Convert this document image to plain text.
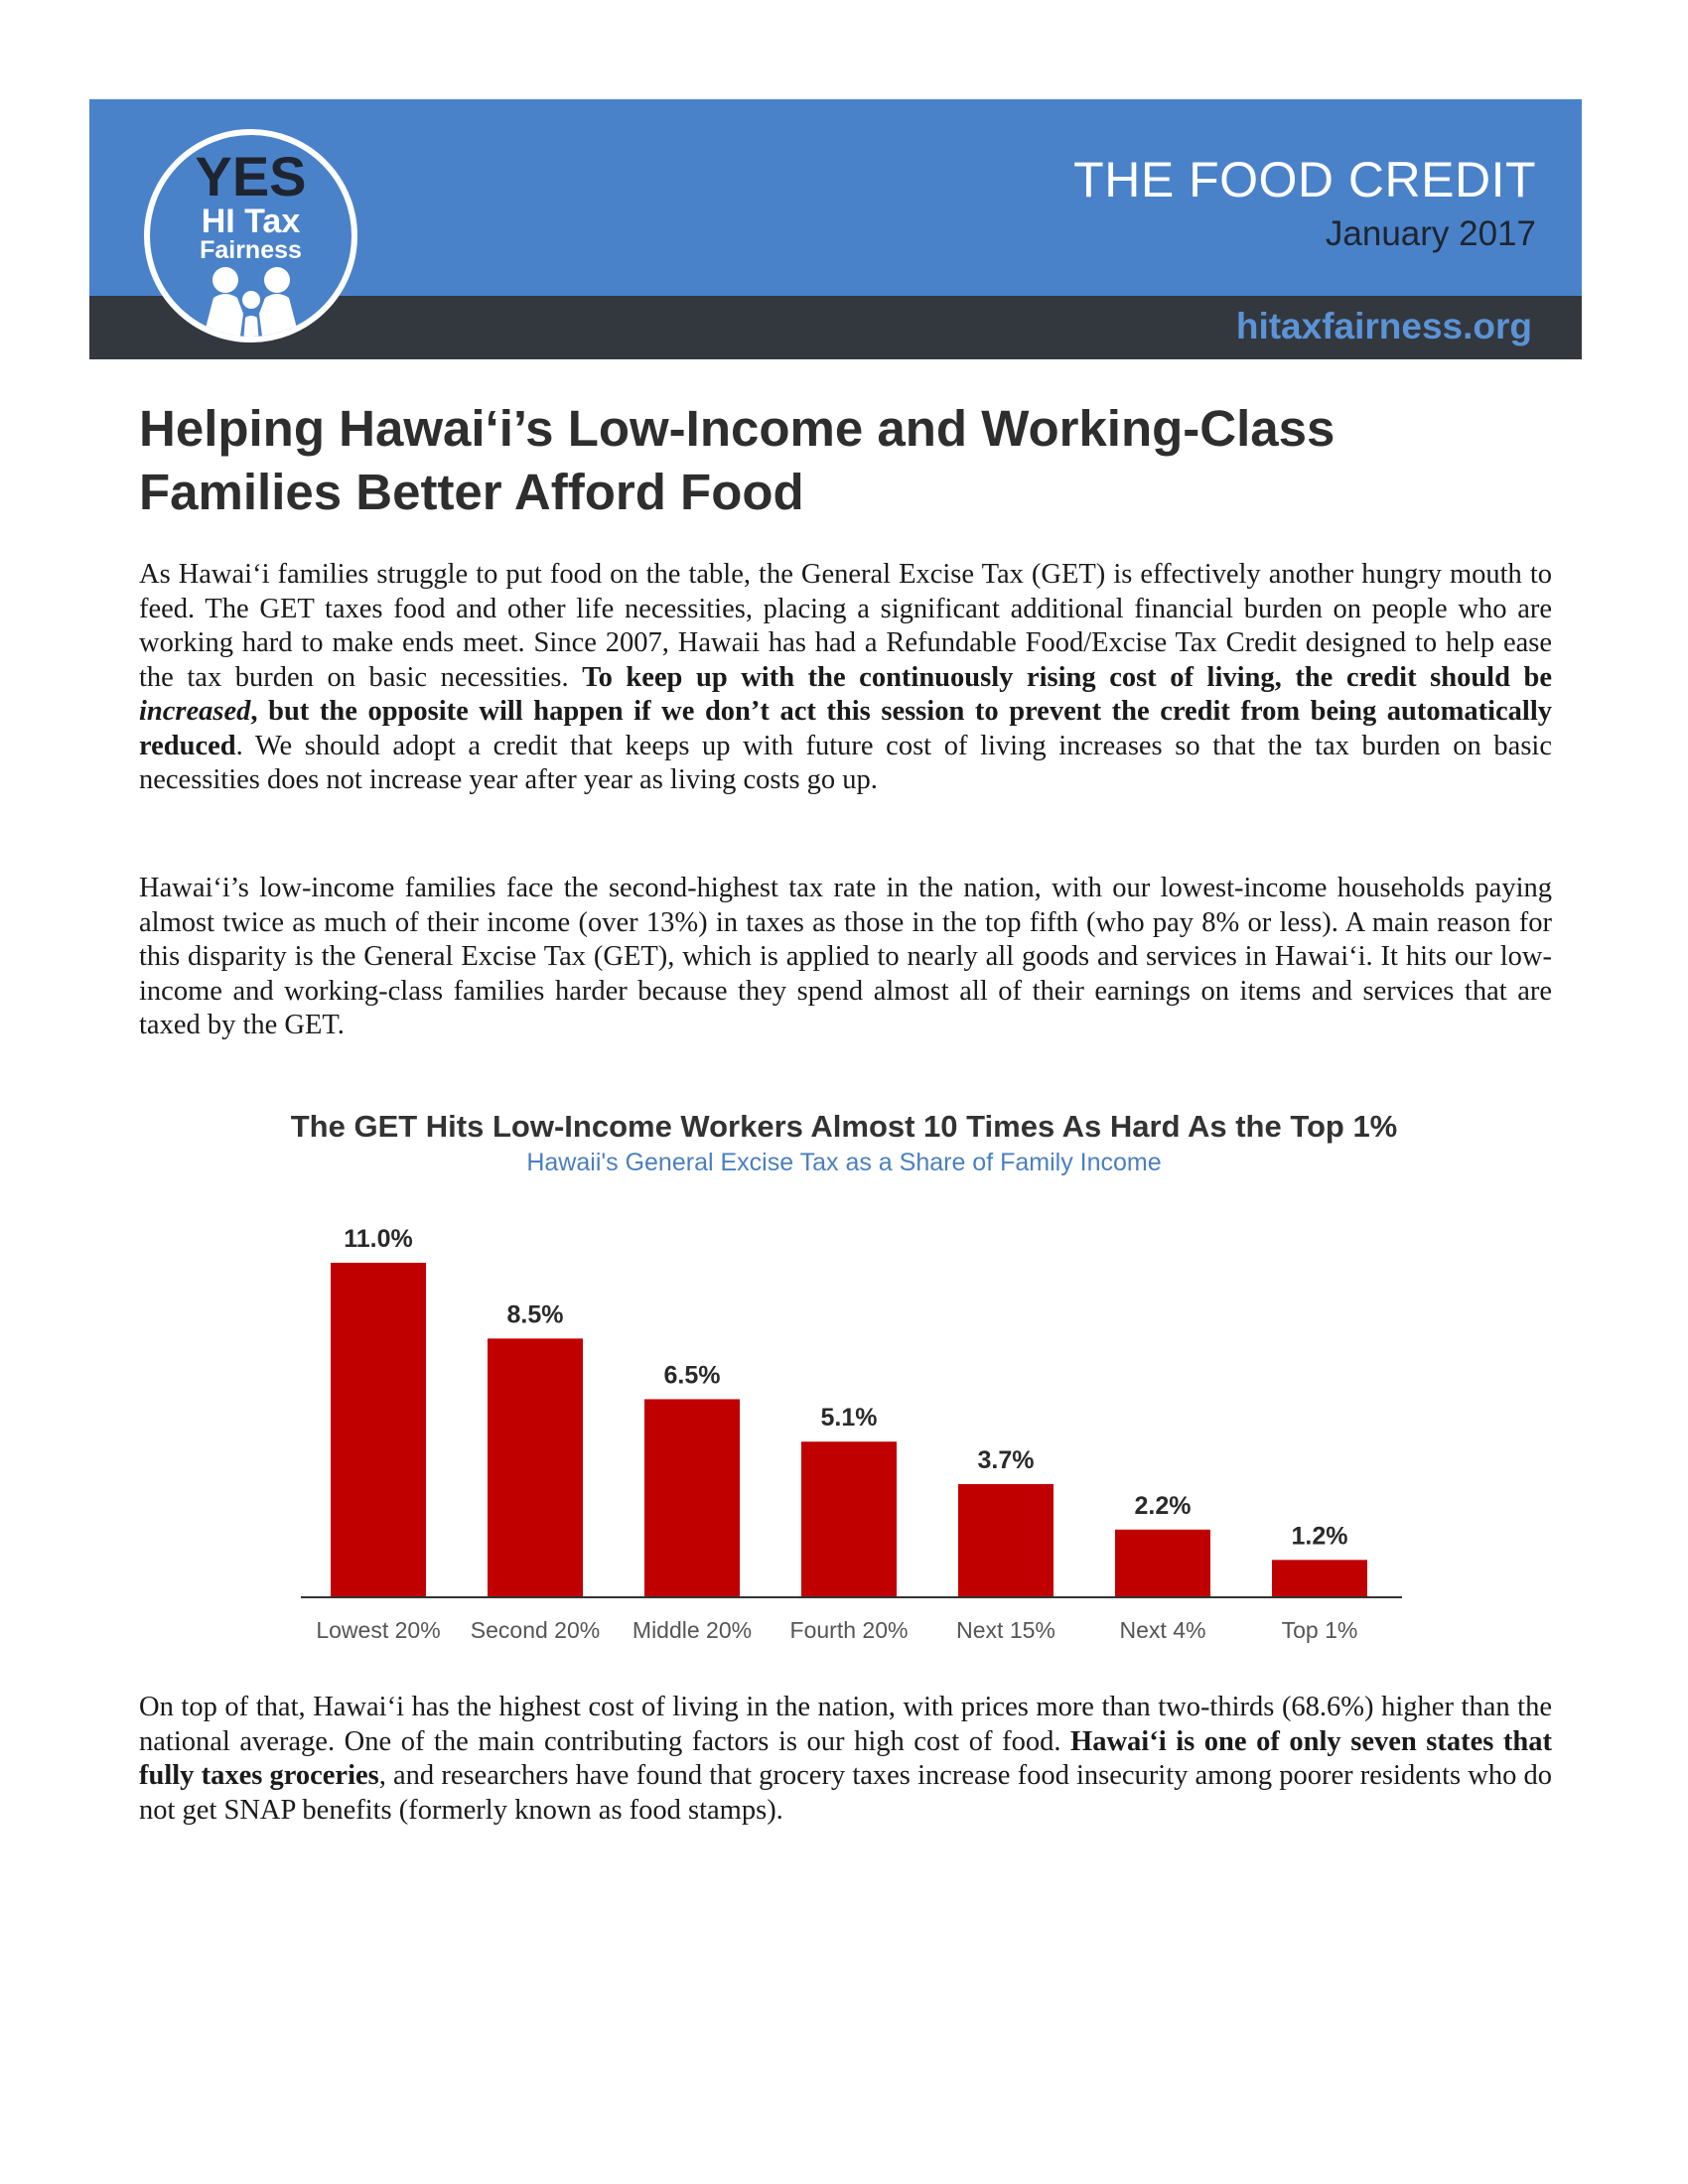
THE FOOD CREDIT
January 2017
hitaxfairness.org
YES
HI Tax
Fairness
Helping Hawai‘i’s Low-Income and Working-Class Families Better Afford Food

As Hawai‘i families struggle to put food on the table, the General Excise Tax (GET) is effectively another hungry mouth to feed. The GET taxes food and other life necessities, placing a significant additional financial burden on people who are working hard to make ends meet. Since 2007, Hawaii has had a Refundable Food/Excise Tax Credit designed to help ease the tax burden on basic necessities. To keep up with the continuously rising cost of living, the credit should be increased, but the opposite will happen if we don’t act this session to prevent the credit from being automatically reduced. We should adopt a credit that keeps up with future cost of living increases so that the tax burden on basic necessities does not increase year after year as living costs go up.

Hawai‘i’s low-income families face the second-highest tax rate in the nation, with our lowest-income households paying almost twice as much of their income (over 13%) in taxes as those in the top fifth (who pay 8% or less). A main reason for this disparity is the General Excise Tax (GET), which is applied to nearly all goods and services in Hawai‘i. It hits our low-income and working-class families harder because they spend almost all of their earnings on items and services that are taxed by the GET.

The GET Hits Low-Income Workers Almost 10 Times As Hard As the Top 1%
Hawaii's General Excise Tax as a Share of Family Income
11.0%
Lowest 20%
8.5%
Second 20%
6.5%
Middle 20%
5.1%
Fourth 20%
3.7%
Next 15%
2.2%
Next 4%
1.2%
Top 1%

On top of that, Hawai‘i has the highest cost of living in the nation, with prices more than two-thirds (68.6%) higher than the national average. One of the main contributing factors is our high cost of food. Hawai‘i is one of only seven states that fully taxes groceries, and researchers have found that grocery taxes increase food insecurity among poorer residents who do not get SNAP benefits (formerly known as food stamps).
